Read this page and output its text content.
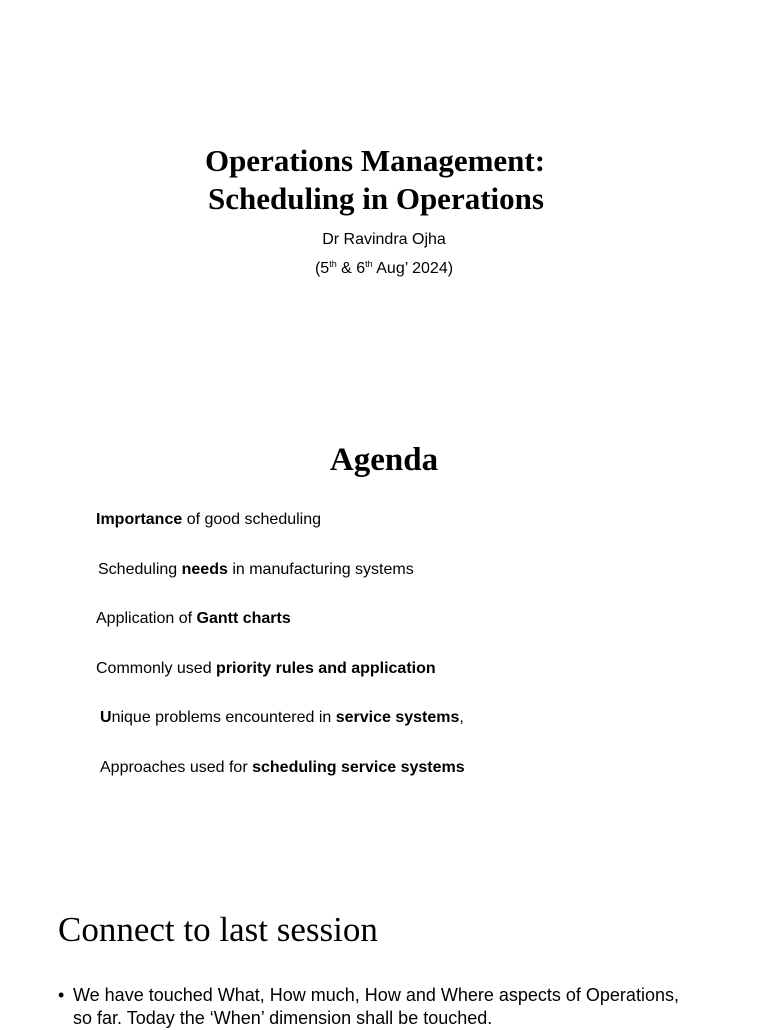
Operations Management:
Scheduling in Operations
Dr Ravindra Ojha
(5th & 6th Aug’ 2024)
Agenda
Importance of good scheduling
Scheduling needs in manufacturing systems
Application of Gantt charts
Commonly used priority rules and application
Unique problems encountered in service systems,
Approaches used for scheduling service systems
Connect to last session
• We have touched What, How much, How and Where aspects of Operations, so far. Today the ‘When’ dimension shall be touched.
